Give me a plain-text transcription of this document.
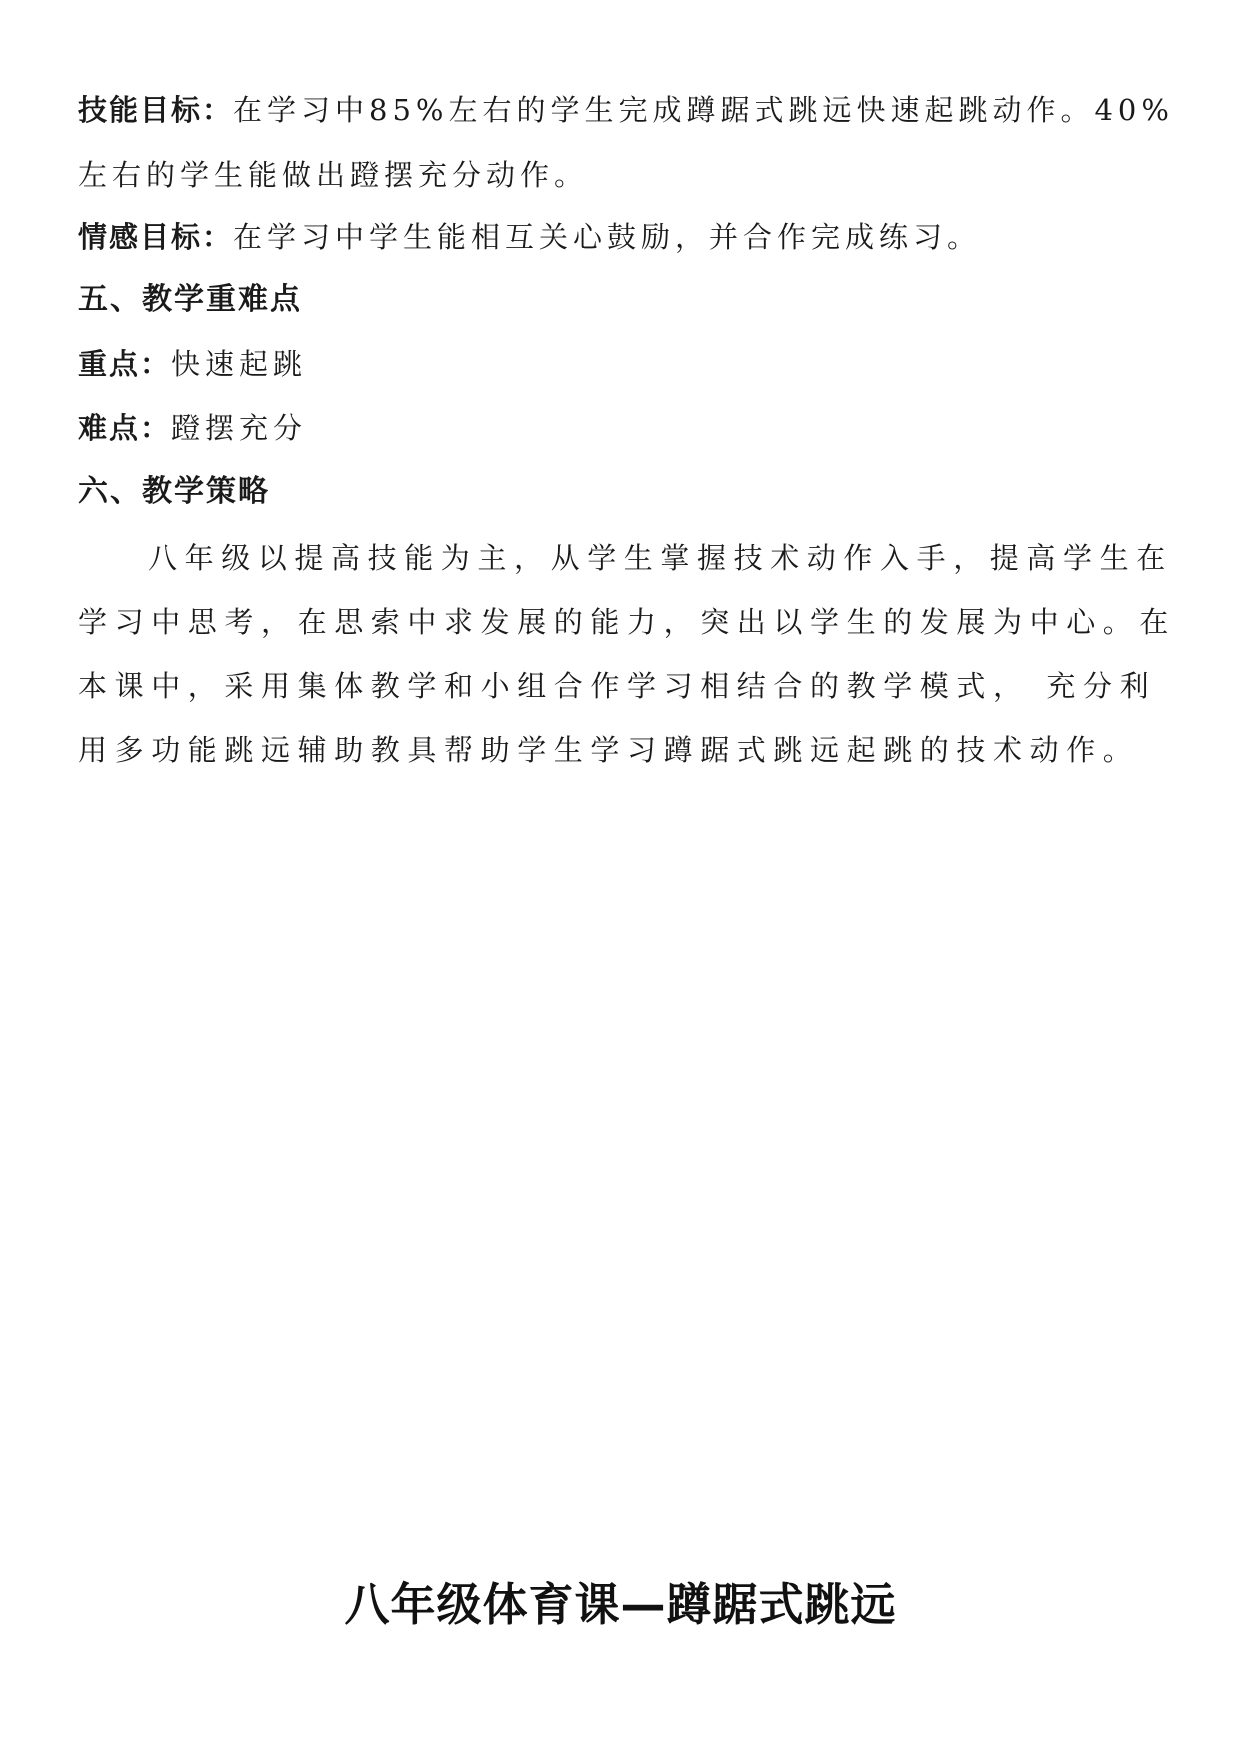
技能目标：在学习中85%左右的学生完成蹲踞式跳远快速起跳动作。40%
左右的学生能做出蹬摆充分动作。
情感目标：在学习中学生能相互关心鼓励，并合作完成练习。
五、教学重难点
重点：快速起跳
难点：蹬摆充分
六、教学策略
八年级以提高技能为主，从学生掌握技术动作入手，提高学生在
学习中思考，在思索中求发展的能力，突出以学生的发展为中心。在
本课中，采用集体教学和小组合作学习相结合的教学模式， 充分利
用多功能跳远辅助教具帮助学生学习蹲踞式跳远起跳的技术动作。
八年级体育课—蹲踞式跳远
